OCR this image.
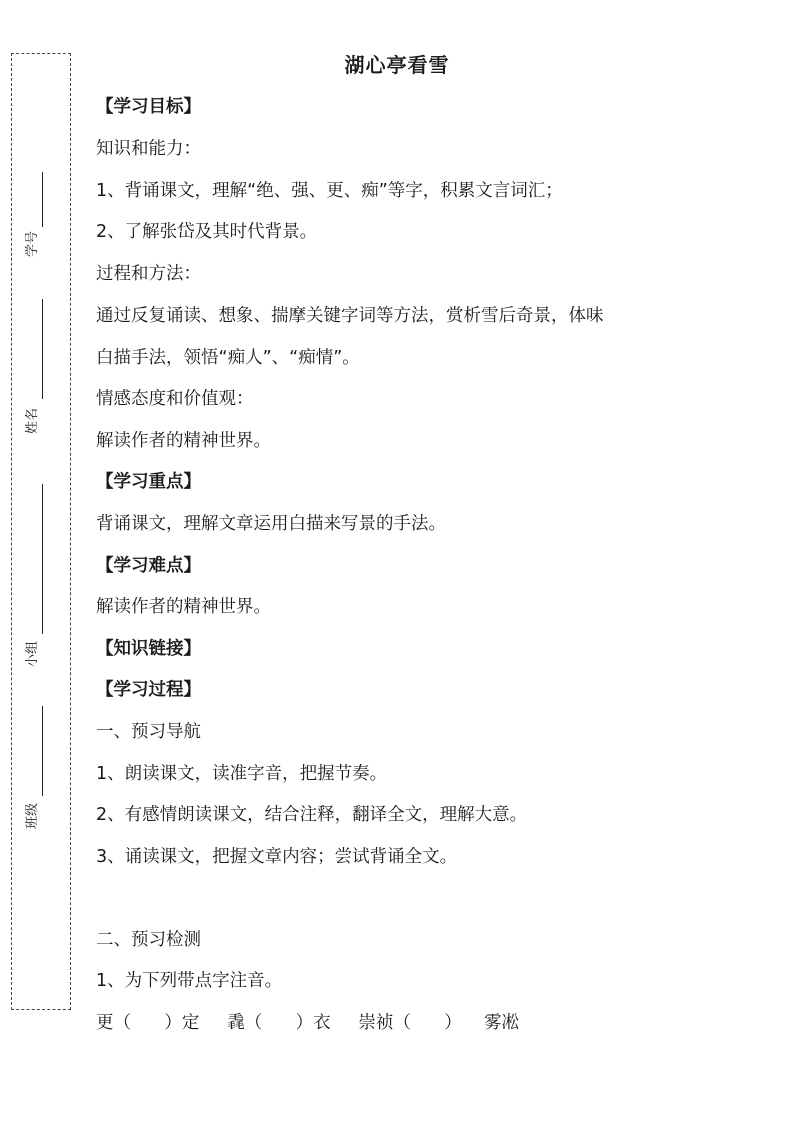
学号
姓名
小组
班级
湖心亭看雪
【学习目标】
知识和能力：
1、背诵课文，理解“绝、强、更、痴”等字，积累文言词汇；
2、了解张岱及其时代背景。
过程和方法：
通过反复诵读、想象、揣摩关键字词等方法，赏析雪后奇景，体味
白描手法，领悟“痴人”、“痴情”。
情感态度和价值观：
解读作者的精神世界。
【学习重点】
背诵课文，理解文章运用白描来写景的手法。
【学习难点】
解读作者的精神世界。
【知识链接】
【学习过程】
一、预习导航
1、朗读课文，读准字音，把握节奏。
2、有感情朗读课文，结合注释，翻译全文，理解大意。
3、诵读课文，把握文章内容；尝试背诵全文。
二、预习检测
1、为下列带点字注音。
更（      ）定     毳（      ）衣     崇祯（      ）    雾凇
